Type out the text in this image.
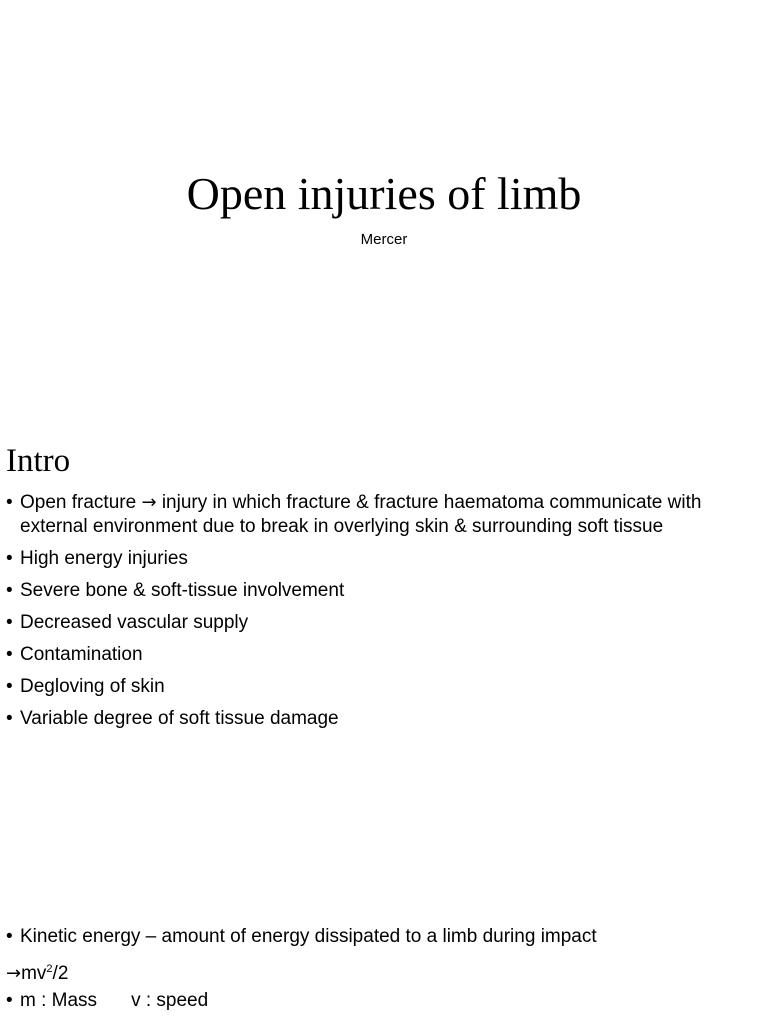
Open injuries of limb
Mercer
Intro
• Open fracture → injury in which fracture & fracture haematoma communicate with external environment due to break in overlying skin & surrounding soft tissue
• High energy injuries
• Severe bone & soft-tissue involvement
• Decreased vascular supply
• Contamination
• Degloving of skin
• Variable degree of soft tissue damage
• Kinetic energy – amount of energy dissipated to a limb during impact
$\to mv^2/2$
• m : Mass v : speed
